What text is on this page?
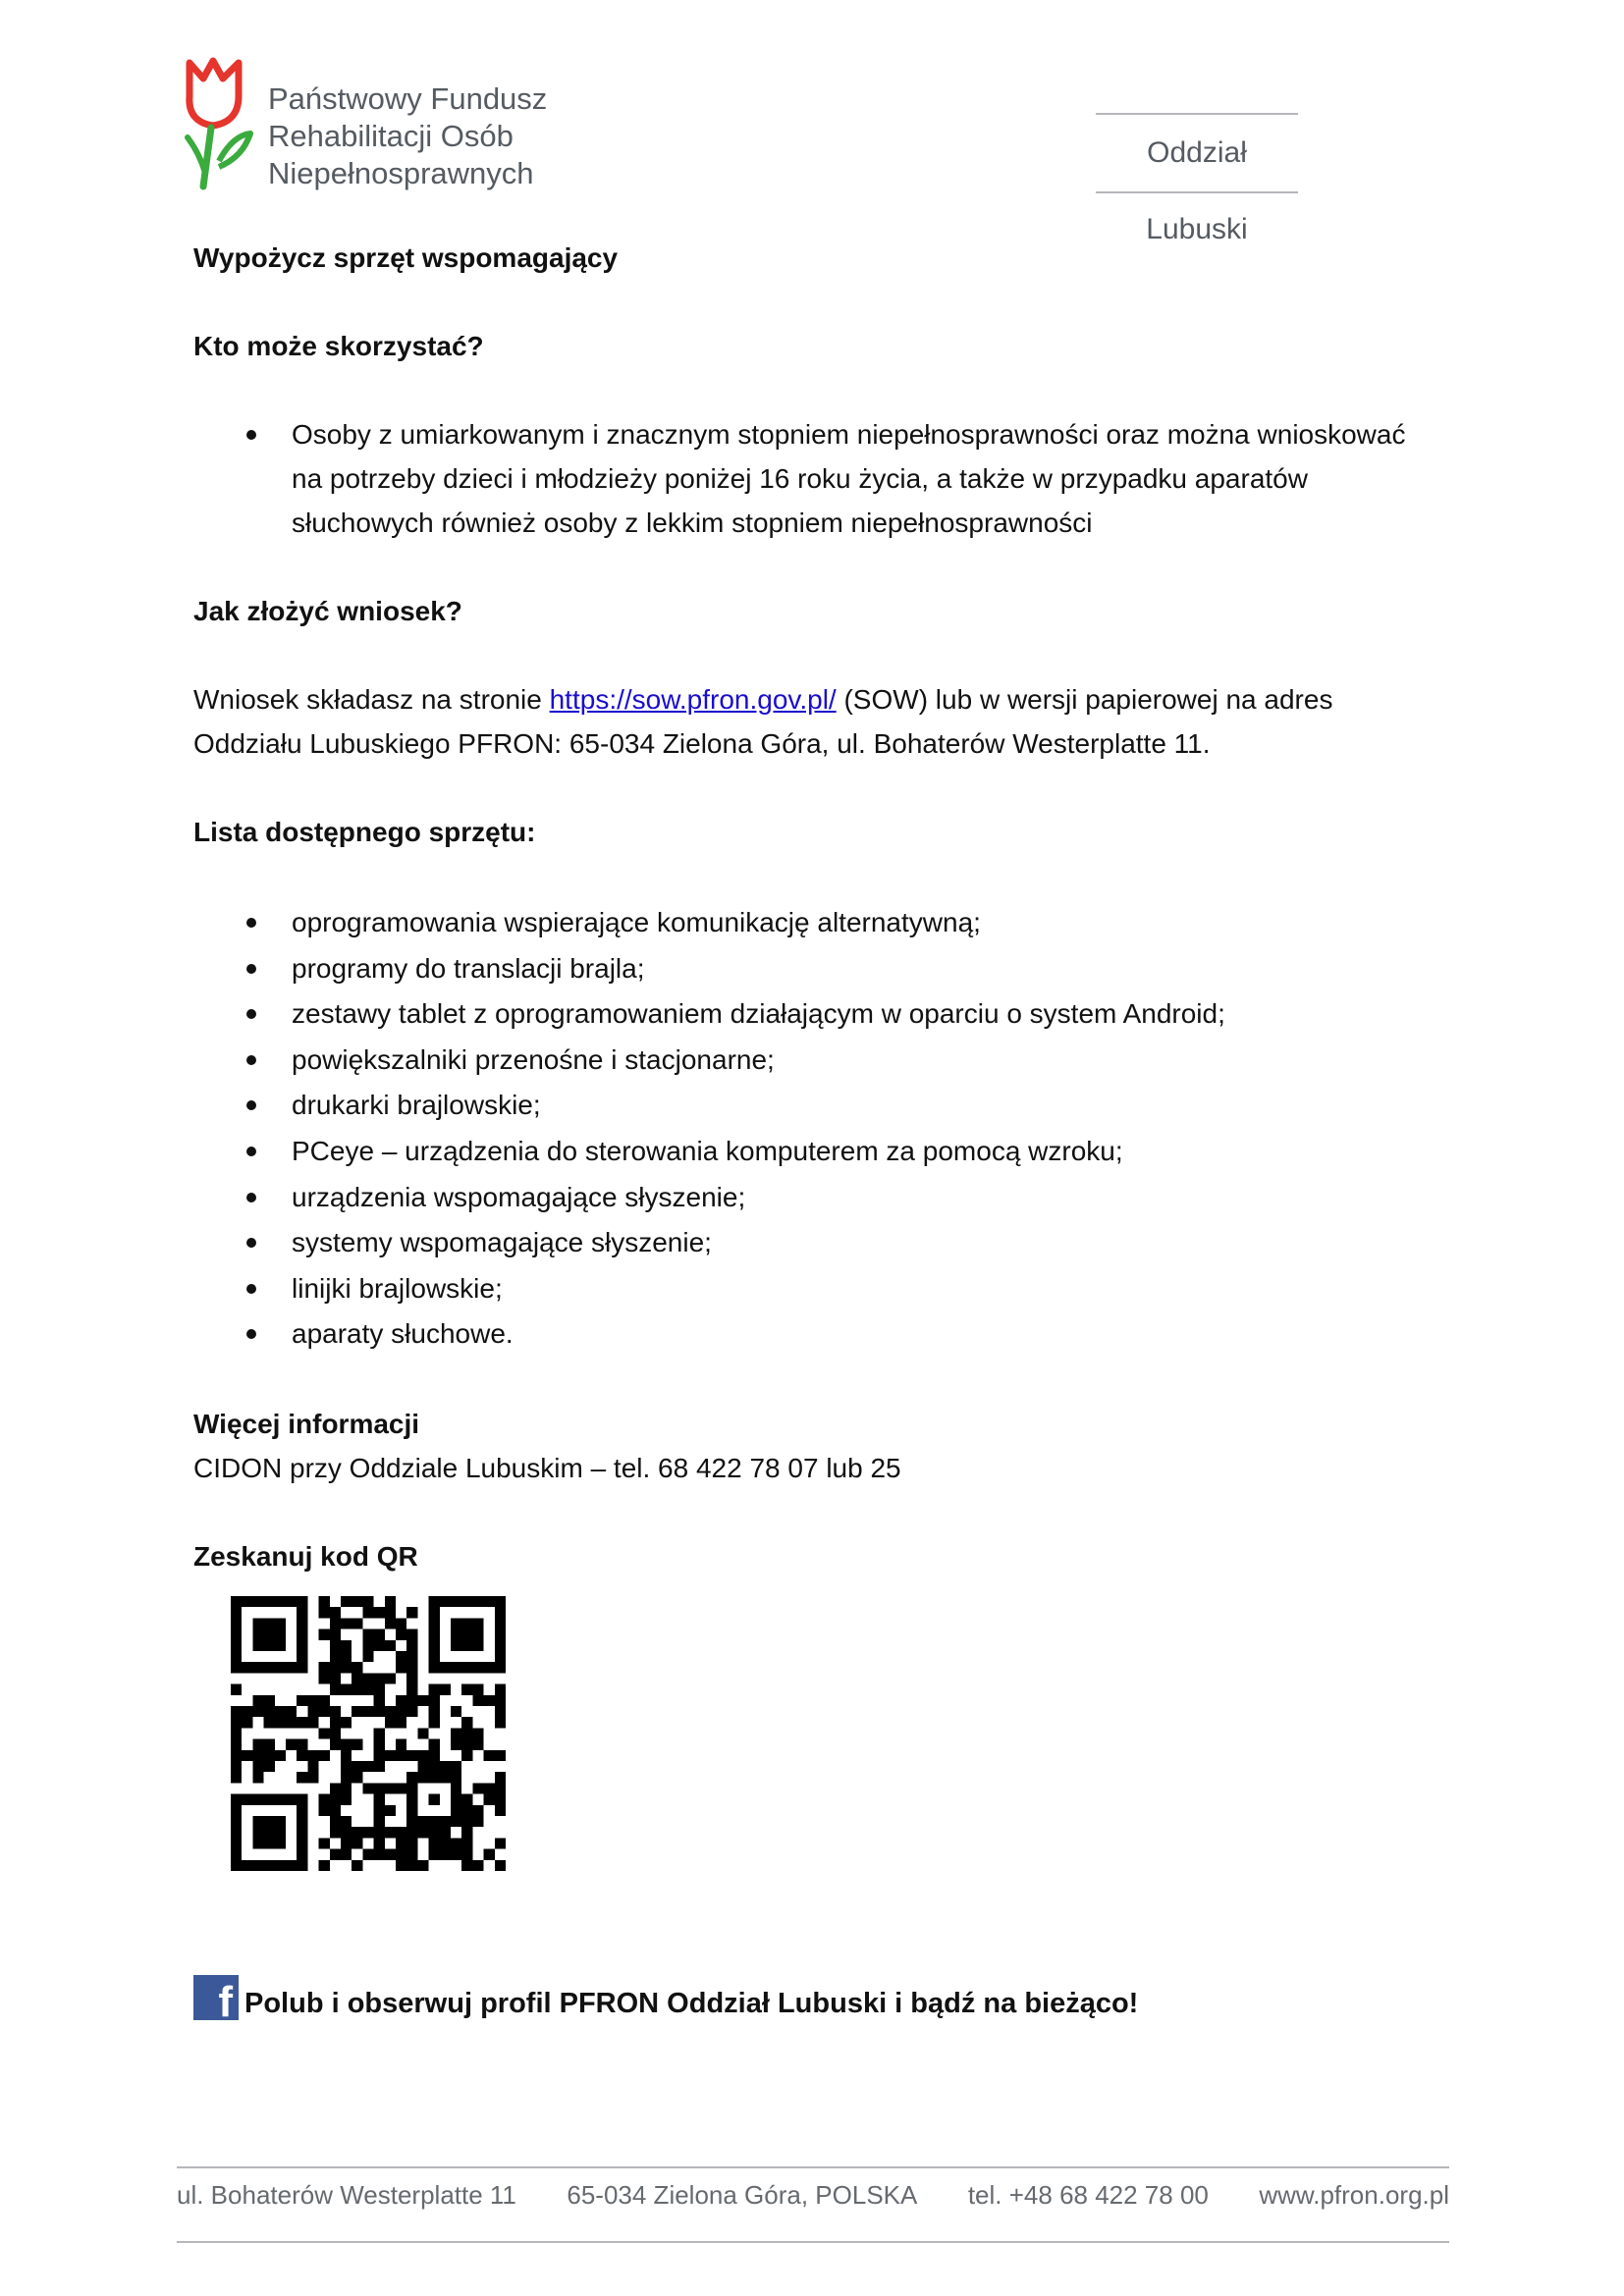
Państwowy Fundusz
Rehabilitacji Osób
Niepełnosprawnych
Oddział Lubuski

Wypożycz sprzęt wspomagający

Kto może skorzystać?

Osoby z umiarkowanym i znacznym stopniem niepełnosprawności oraz można wnioskować na potrzeby dzieci i młodzieży poniżej 16 roku życia, a także w przypadku aparatów słuchowych również osoby z lekkim stopniem niepełnosprawności

Jak złożyć wniosek?

Wniosek składasz na stronie https://sow.pfron.gov.pl/ (SOW) lub w wersji papierowej na adres Oddziału Lubuskiego PFRON: 65-034 Zielona Góra, ul. Bohaterów Westerplatte 11.

Lista dostępnego sprzętu:

oprogramowania wspierające komunikację alternatywną;
programy do translacji brajla;
zestawy tablet z oprogramowaniem działającym w oparciu o system Android;
powiększalniki przenośne i stacjonarne;
drukarki brajlowskie;
PCeye – urządzenia do sterowania komputerem za pomocą wzroku;
urządzenia wspomagające słyszenie;
systemy wspomagające słyszenie;
linijki brajlowskie;
aparaty słuchowe.

Więcej informacji

CIDON przy Oddziale Lubuskim – tel. 68 422 78 07 lub 25

Zeskanuj kod QR

f Polub i obserwuj profil PFRON Oddział Lubuski i bądź na bieżąco!
ul. Bohaterów Westerplatte 11 65-034 Zielona Góra, POLSKA tel. +48 68 422 78 00 www.pfron.org.pl
